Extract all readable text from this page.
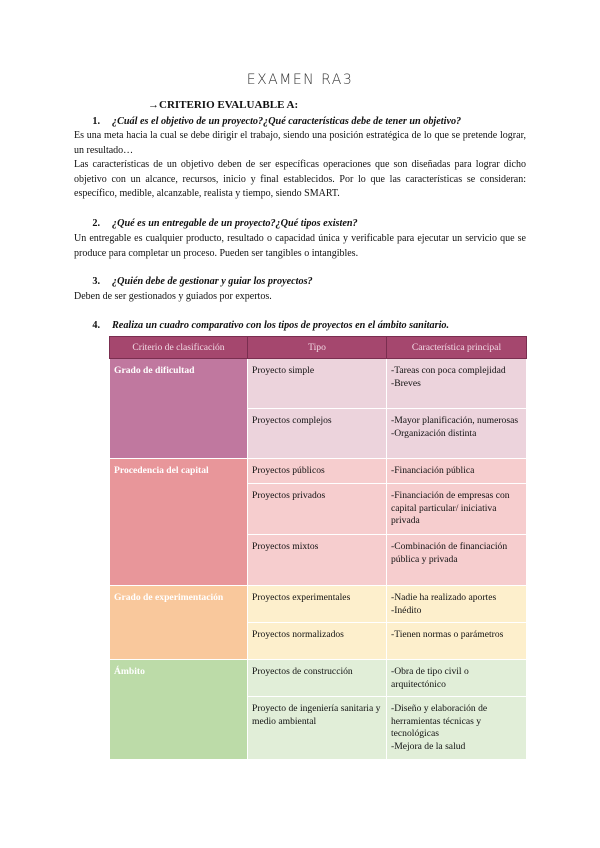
EXAMEN RA3
→CRITERIO EVALUABLE A:
1. ¿Cuál es el objetivo de un proyecto?¿Qué características debe de tener un objetivo?
Es una meta hacia la cual se debe dirigir el trabajo, siendo una posición estratégica de lo que se pretende lograr, un resultado…
Las características de un objetivo deben de ser específicas operaciones que son diseñadas para lograr dicho objetivo con un alcance, recursos, inicio y final establecidos. Por lo que las características se consideran: específico, medible, alcanzable, realista y tiempo, siendo SMART.
2. ¿Qué es un entregable de un proyecto?¿Qué tipos existen?
Un entregable es cualquier producto, resultado o capacidad única y verificable para ejecutar un servicio que se produce para completar un proceso. Pueden ser tangibles o intangibles.
3. ¿Quién debe de gestionar y guiar los proyectos?
Deben de ser gestionados y guiados por expertos.
4. Realiza un cuadro comparativo con los tipos de proyectos en el ámbito sanitario.
Criterio de clasificación	Tipo	Característica principal
Grado de dificultad	Proyecto simple	-Tareas con poca complejidad
-Breves

	Proyectos complejos	-Mayor planificación, numerosas
-Organización distinta

Procedencia del capital	Proyectos públicos	-Financiación pública

	Proyectos privados	-Financiación de empresas con capital particular/ iniciativa privada

	Proyectos mixtos	-Combinación de financiación pública y privada

Grado de experimentación	Proyectos experimentales	-Nadie ha realizado aportes
-Inédito

	Proyectos normalizados	-Tienen normas o parámetros

Ámbito	Proyectos de construcción	-Obra de tipo civil o arquitectónico

	Proyecto de ingeniería sanitaria y medio ambiental	-Diseño y elaboración de herramientas técnicas y tecnológicas
-Mejora de la salud
